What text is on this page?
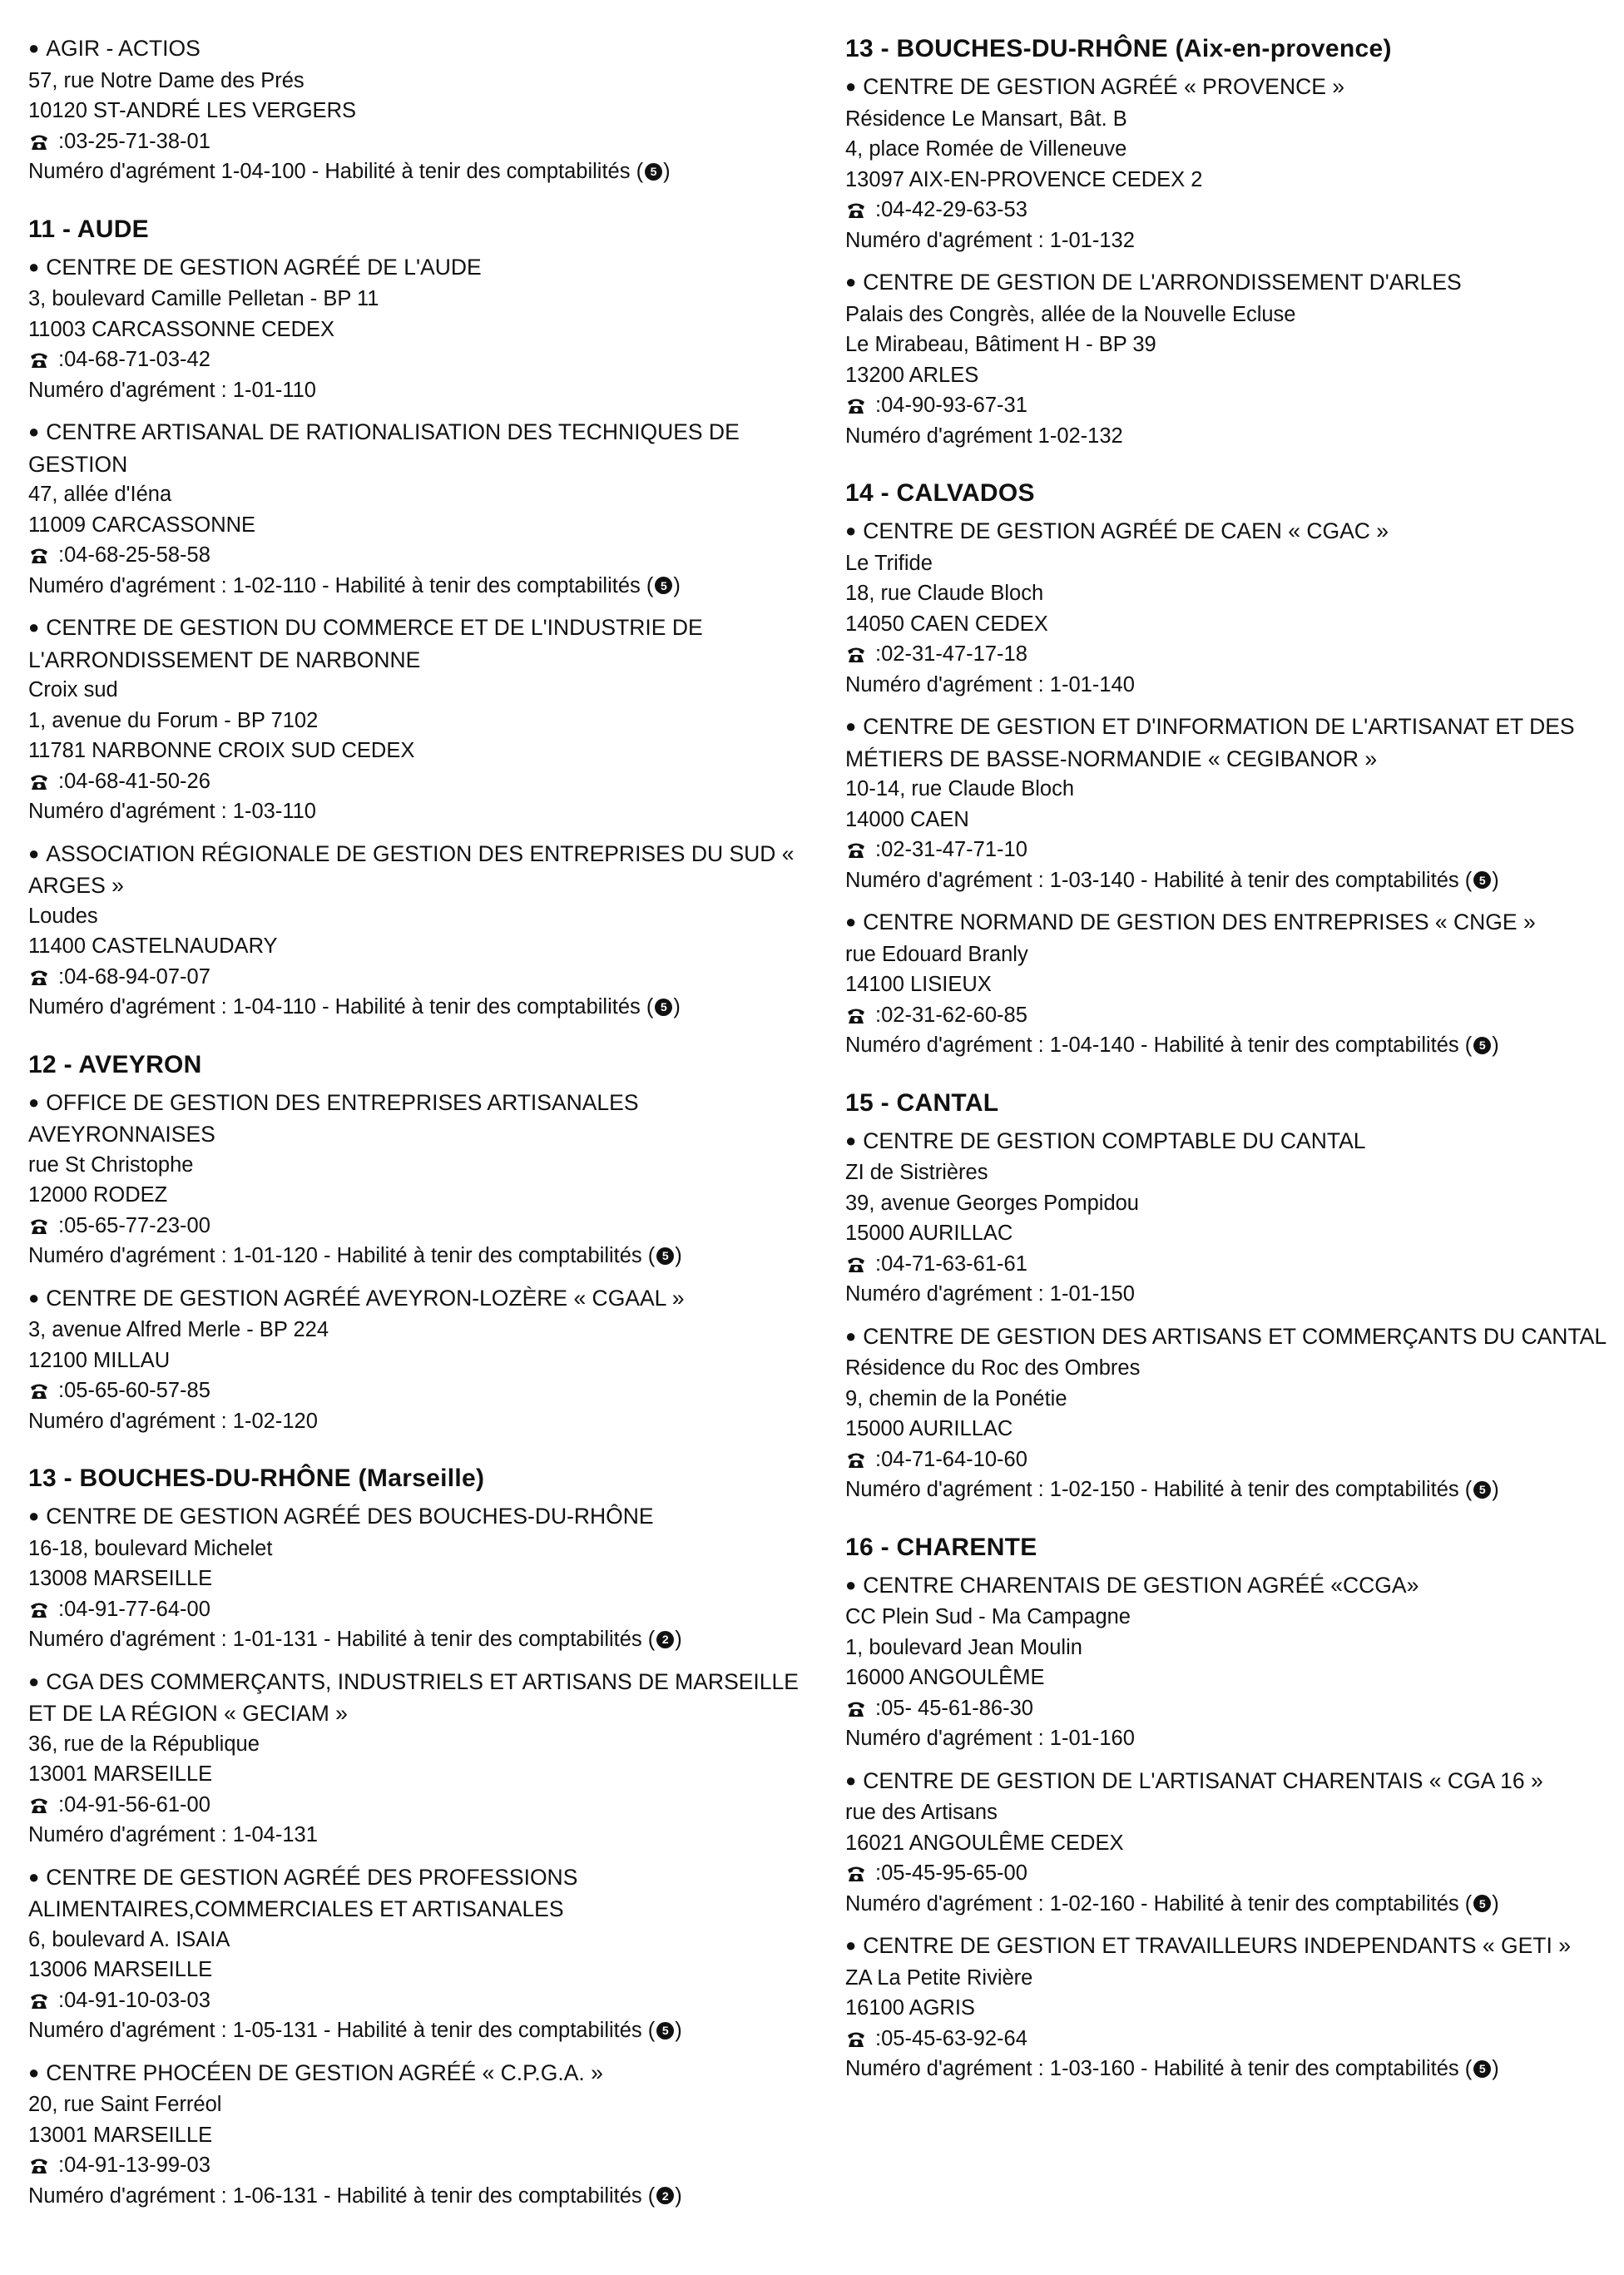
● AGIR - ACTIOS
57, rue Notre Dame des Prés
10120 ST-ANDRÉ LES VERGERS
: 03-25-71-38-01
Numéro d'agrément 1-04-100 - Habilité à tenir des comptabilités ( 5 )
11 - AUDE
● CENTRE DE GESTION AGRÉÉ DE L'AUDE
3, boulevard Camille Pelletan - BP 11
11003 CARCASSONNE CEDEX
: 04-68-71-03-42
Numéro d'agrément : 1-01-110
● CENTRE ARTISANAL DE RATIONALISATION DES TECHNIQUES DE GESTION
47, allée d'Iéna
11009 CARCASSONNE
: 04-68-25-58-58
Numéro d'agrément : 1-02-110 - Habilité à tenir des comptabilités ( 5 )
● CENTRE DE GESTION DU COMMERCE ET DE L'INDUSTRIE DE L'ARRONDISSEMENT DE NARBONNE
Croix sud
1, avenue du Forum - BP 7102
11781 NARBONNE CROIX SUD CEDEX
: 04-68-41-50-26
Numéro d'agrément : 1-03-110
● ASSOCIATION RÉGIONALE DE GESTION DES ENTREPRISES DU SUD « ARGES »
Loudes
11400 CASTELNAUDARY
: 04-68-94-07-07
Numéro d'agrément : 1-04-110 - Habilité à tenir des comptabilités ( 5 )
12 - AVEYRON
● OFFICE DE GESTION DES ENTREPRISES ARTISANALES AVEYRONNAISES
rue St Christophe
12000 RODEZ
: 05-65-77-23-00
Numéro d'agrément : 1-01-120 - Habilité à tenir des comptabilités ( 5 )
● CENTRE DE GESTION AGRÉÉ AVEYRON-LOZÈRE « CGAAL »
3, avenue Alfred Merle - BP 224
12100 MILLAU
: 05-65-60-57-85
Numéro d'agrément : 1-02-120
13 - BOUCHES-DU-RHÔNE (Marseille)
● CENTRE DE GESTION AGRÉÉ DES BOUCHES-DU-RHÔNE
16-18, boulevard Michelet
13008 MARSEILLE
: 04-91-77-64-00
Numéro d'agrément : 1-01-131 - Habilité à tenir des comptabilités ( 2 )
● CGA DES COMMERÇANTS, INDUSTRIELS ET ARTISANS DE MARSEILLE ET DE LA RÉGION « GECIAM »
36, rue de la République
13001 MARSEILLE
: 04-91-56-61-00
Numéro d'agrément : 1-04-131
● CENTRE DE GESTION AGRÉÉ DES PROFESSIONS ALIMENTAIRES,COMMERCIALES ET ARTISANALES
6, boulevard A. ISAIA
13006 MARSEILLE
: 04-91-10-03-03
Numéro d'agrément : 1-05-131 - Habilité à tenir des comptabilités ( 5 )
● CENTRE PHOCÉEN DE GESTION AGRÉÉ « C.P.G.A. »
20, rue Saint Ferréol
13001 MARSEILLE
: 04-91-13-99-03
Numéro d'agrément : 1-06-131 - Habilité à tenir des comptabilités ( 2 )
13 - BOUCHES-DU-RHÔNE (Aix-en-provence)
● CENTRE DE GESTION AGRÉÉ « PROVENCE »
Résidence Le Mansart, Bât. B
4, place Romée de Villeneuve
13097 AIX-EN-PROVENCE CEDEX 2
: 04-42-29-63-53
Numéro d'agrément : 1-01-132
● CENTRE DE GESTION DE L'ARRONDISSEMENT D'ARLES
Palais des Congrès, allée de la Nouvelle Ecluse
Le Mirabeau, Bâtiment H - BP 39
13200 ARLES
: 04-90-93-67-31
Numéro d'agrément 1-02-132
14 - CALVADOS
● CENTRE DE GESTION AGRÉÉ DE CAEN « CGAC »
Le Trifide
18, rue Claude Bloch
14050 CAEN CEDEX
: 02-31-47-17-18
Numéro d'agrément : 1-01-140
● CENTRE DE GESTION ET D'INFORMATION DE L'ARTISANAT ET DES MÉTIERS DE BASSE-NORMANDIE « CEGIBANOR »
10-14, rue Claude Bloch
14000 CAEN
: 02-31-47-71-10
Numéro d'agrément : 1-03-140 - Habilité à tenir des comptabilités ( 5 )
● CENTRE NORMAND DE GESTION DES ENTREPRISES « CNGE »
rue Edouard Branly
14100 LISIEUX
: 02-31-62-60-85
Numéro d'agrément : 1-04-140 - Habilité à tenir des comptabilités ( 5 )
15 - CANTAL
● CENTRE DE GESTION COMPTABLE DU CANTAL
ZI de Sistrières
39, avenue Georges Pompidou
15000 AURILLAC
: 04-71-63-61-61
Numéro d'agrément : 1-01-150
● CENTRE DE GESTION DES ARTISANS ET COMMERÇANTS DU CANTAL
Résidence du Roc des Ombres
9, chemin de la Ponétie
15000 AURILLAC
: 04-71-64-10-60
Numéro d'agrément : 1-02-150 - Habilité à tenir des comptabilités ( 5 )
16 - CHARENTE
● CENTRE CHARENTAIS DE GESTION AGRÉÉ «CCGA»
CC Plein Sud - Ma Campagne
1, boulevard Jean Moulin
16000 ANGOULÊME
: 05- 45-61-86-30
Numéro d'agrément : 1-01-160
● CENTRE DE GESTION DE L'ARTISANAT CHARENTAIS « CGA 16 »
rue des Artisans
16021 ANGOULÊME CEDEX
: 05-45-95-65-00
Numéro d'agrément : 1-02-160 - Habilité à tenir des comptabilités ( 5 )
● CENTRE DE GESTION ET TRAVAILLEURS INDEPENDANTS « GETI »
ZA La Petite Rivière
16100 AGRIS
: 05-45-63-92-64
Numéro d'agrément : 1-03-160 - Habilité à tenir des comptabilités ( 5 )
